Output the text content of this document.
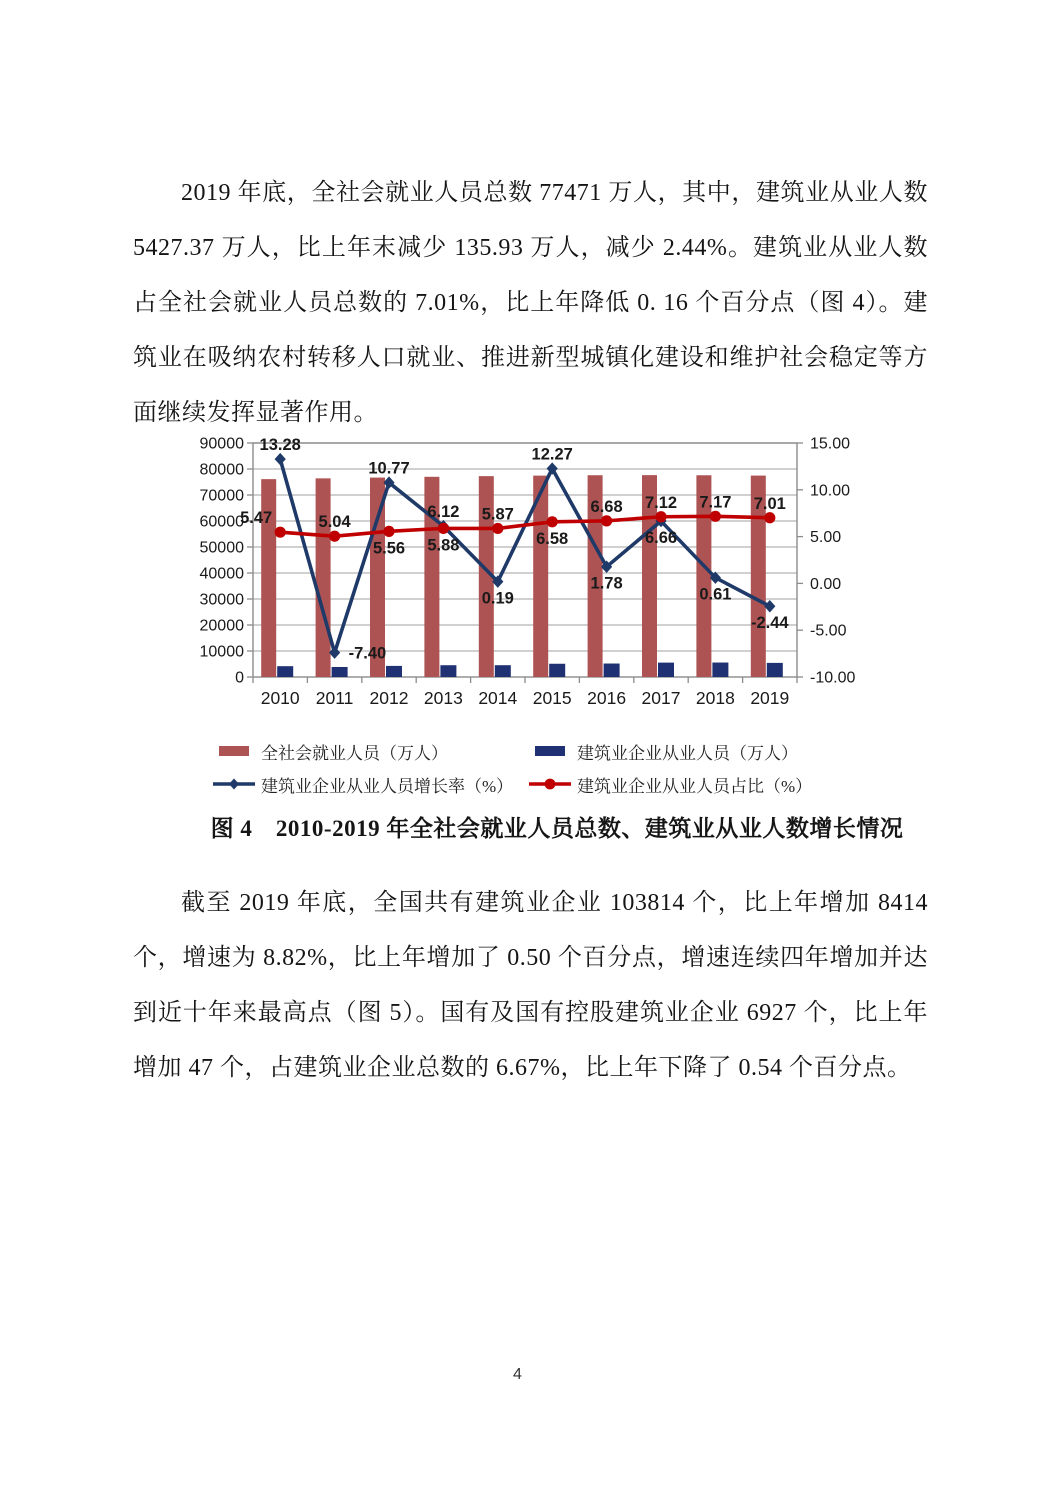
2019 年底，全社会就业人员总数 77471 万人，其中，建筑业从业人数 5427.37 万人，比上年末减少 135.93 万人，减少 2.44%。建筑业从业人数占全社会就业人员总数的 7.01%，比上年降低 0. 16 个百分点（图 4）。建筑业在吸纳农村转移人口就业、推进新型城镇化建设和维护社会稳定等方面继续发挥显著作用。

0
10000
20000
30000
40000
50000
60000
70000
80000
90000
-10.00
-5.00
0.00
5.00
10.00
15.00
2010 2011 2012 2013 2014 2015 2016 2017 2018 2019
13.28
-7.40
10.77
6.12
0.19
12.27
1.78
6.66
0.61
-2.44
5.47	5.04
5.56 5.88
5.87
6.58
6.68 7.12 7.17 7.01
全社会就业人员（万人）	建筑业企业从业人员（万人）
建筑业企业从业人员增长率（%）	建筑业企业从业人员占比（%）
图 4　2010-2019 年全社会就业人员总数、建筑业从业人数增长情况

截至 2019 年底，全国共有建筑业企业 103814 个，比上年增加 8414 个，增速为 8.82%，比上年增加了 0.50 个百分点，增速连续四年增加并达到近十年来最高点（图 5）。国有及国有控股建筑业企业 6927 个，比上年增加 47 个，占建筑业企业总数的 6.67%，比上年下降了 0.54 个百分点。

4
